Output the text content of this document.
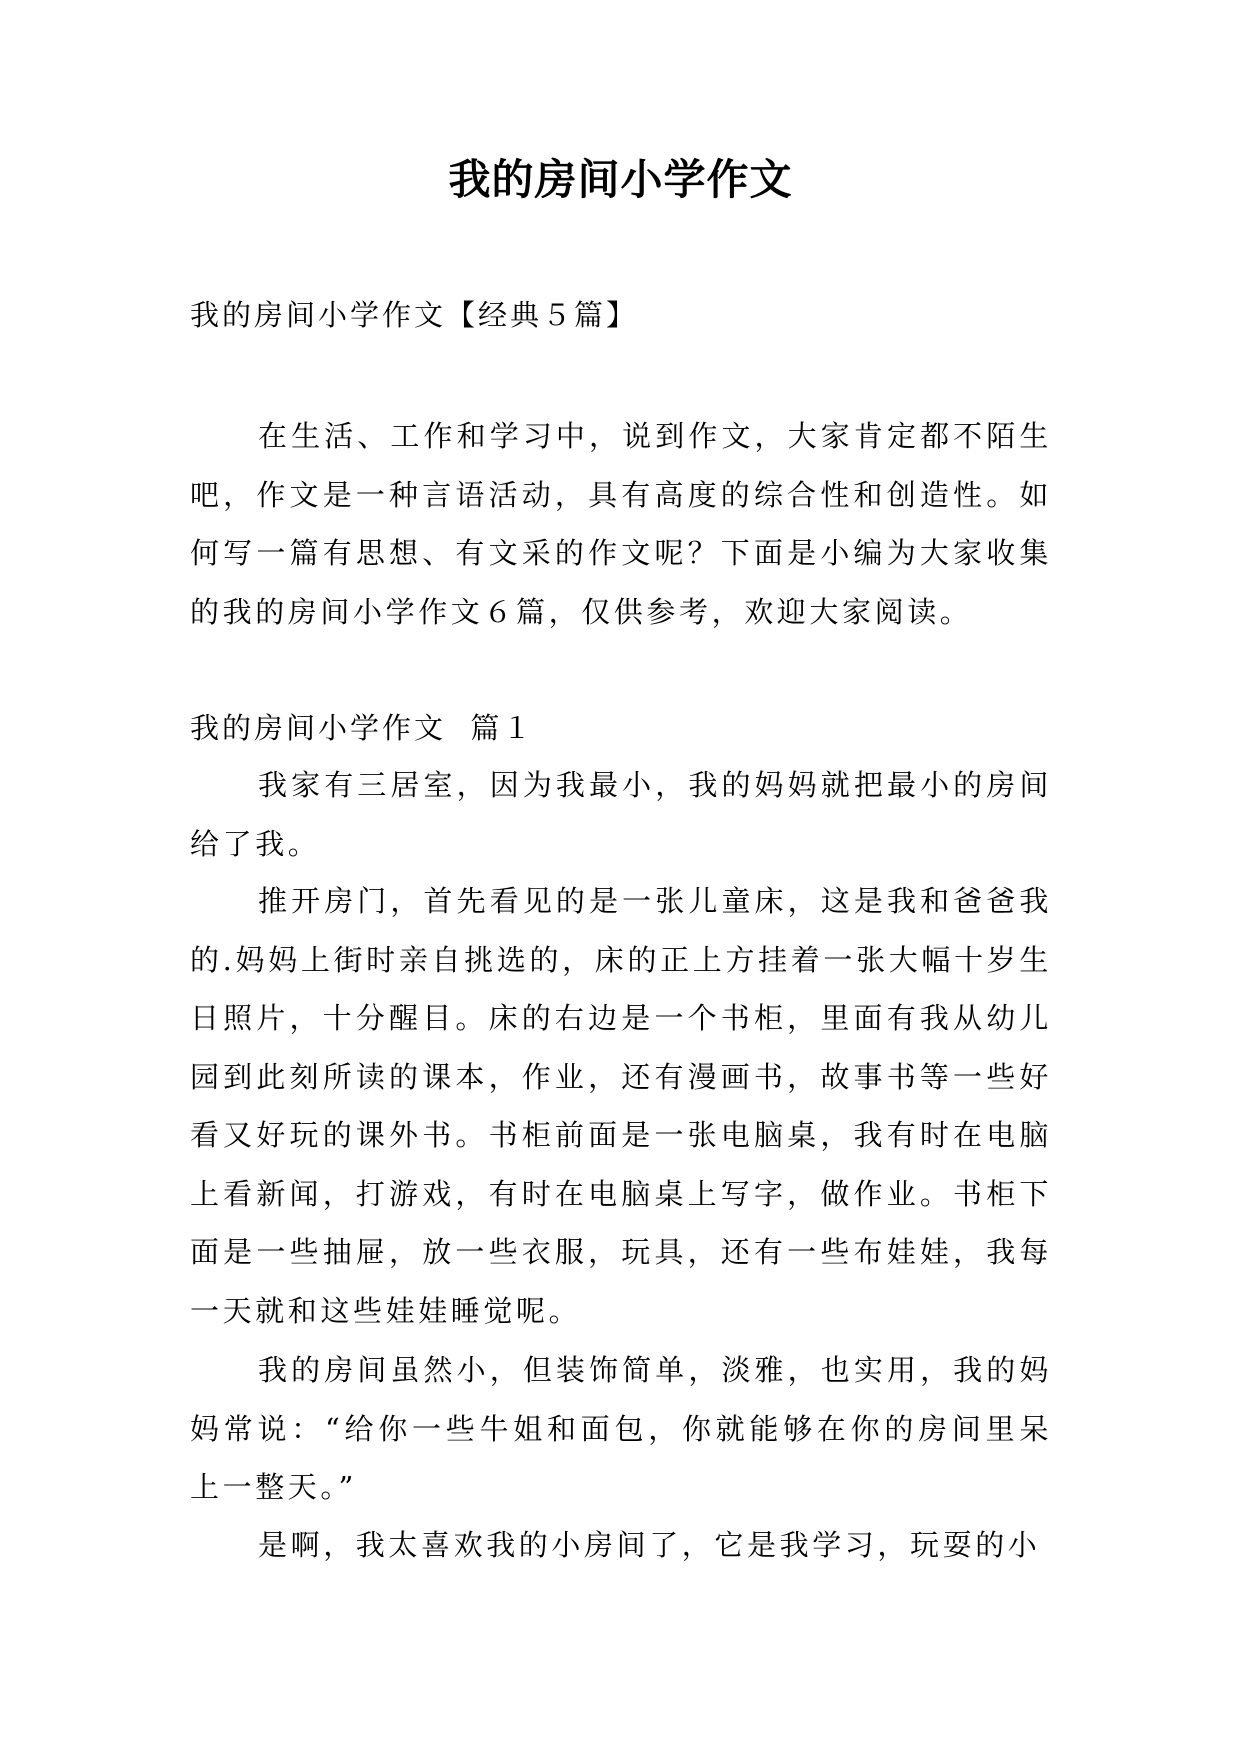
我的房间小学作文
我的房间小学作文【经典５篇】

在生活、工作和学习中，说到作文，大家肯定都不陌生吧，作文是一种言语活动，具有高度的综合性和创造性。如何写一篇有思想、有文采的作文呢？下面是小编为大家收集的我的房间小学作文６篇，仅供参考，欢迎大家阅读。

我的房间小学作文  篇１

我家有三居室，因为我最小，我的妈妈就把最小的房间给了我。

推开房门，首先看见的是一张儿童床，这是我和爸爸我的.妈妈上街时亲自挑选的，床的正上方挂着一张大幅十岁生日照片，十分醒目。床的右边是一个书柜，里面有我从幼儿园到此刻所读的课本，作业，还有漫画书，故事书等一些好看又好玩的课外书。书柜前面是一张电脑桌，我有时在电脑上看新闻，打游戏，有时在电脑桌上写字，做作业。书柜下面是一些抽屉，放一些衣服，玩具，还有一些布娃娃，我每一天就和这些娃娃睡觉呢。

我的房间虽然小，但装饰简单，淡雅，也实用，我的妈妈常说：“给你一些牛姐和面包，你就能够在你的房间里呆上一整天。”

是啊，我太喜欢我的小房间了，它是我学习，玩耍的小
